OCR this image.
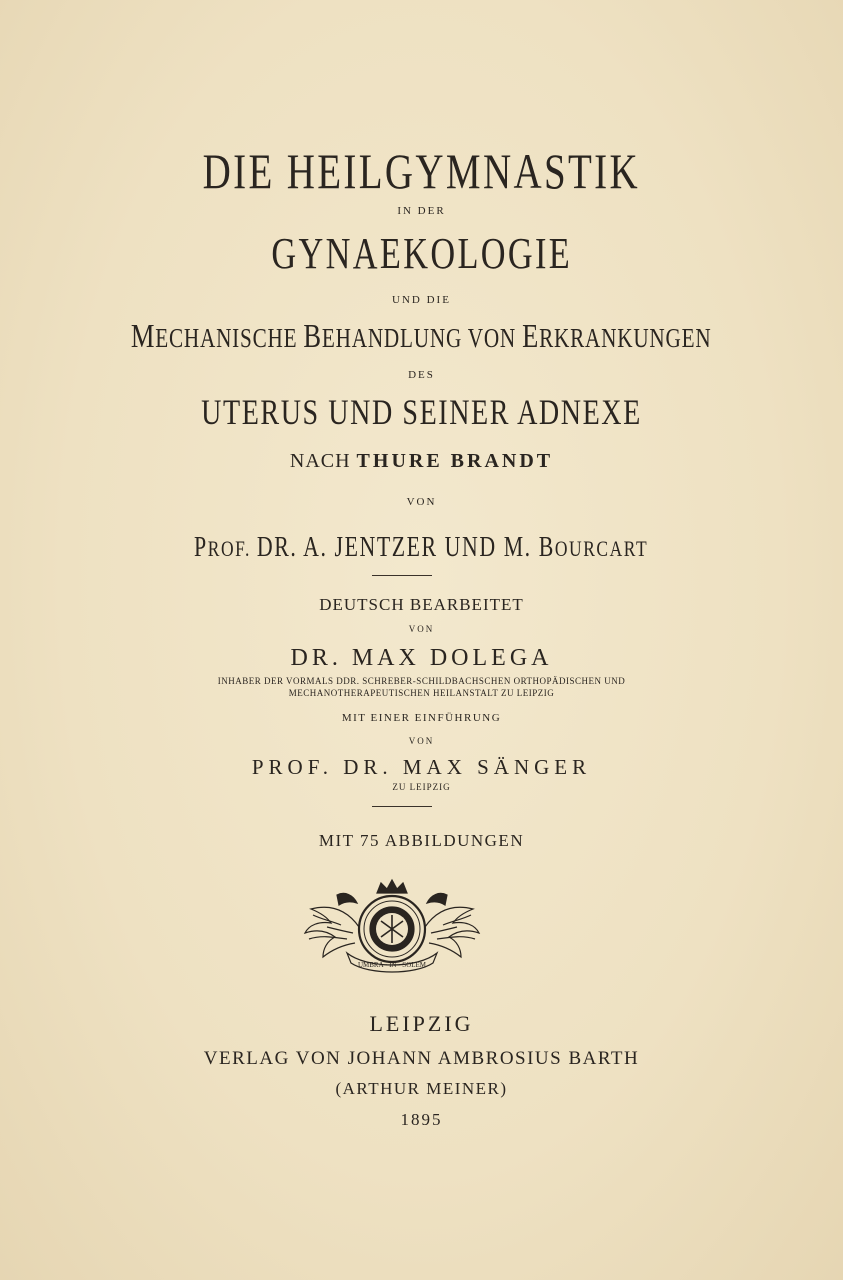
DIE HEILGYMNASTIK
IN DER
GYNAEKOLOGIE
UND DIE
MECHANISCHE BEHANDLUNG VON ERKRANKUNGEN
DES
UTERUS UND SEINER ADNEXE
NACH THURE BRANDT
VON
PROF. DR. A. JENTZER UND M. BOURCART
DEUTSCH BEARBEITET
VON
DR. MAX DOLEGA
INHABER DER VORMALS DDR. SCHREBER-SCHILDBACHSCHEN ORTHOPÄDISCHEN UND
MECHANOTHERAPEUTISCHEN HEILANSTALT ZU LEIPZIG
MIT EINER EINFÜHRUNG
VON
PROF. DR. MAX SÄNGER
ZU LEIPZIG
MIT 75 ABBILDUNGEN
UMBRA · IN · SOLEM
LEIPZIG
VERLAG VON JOHANN AMBROSIUS BARTH
(ARTHUR MEINER)
1895
